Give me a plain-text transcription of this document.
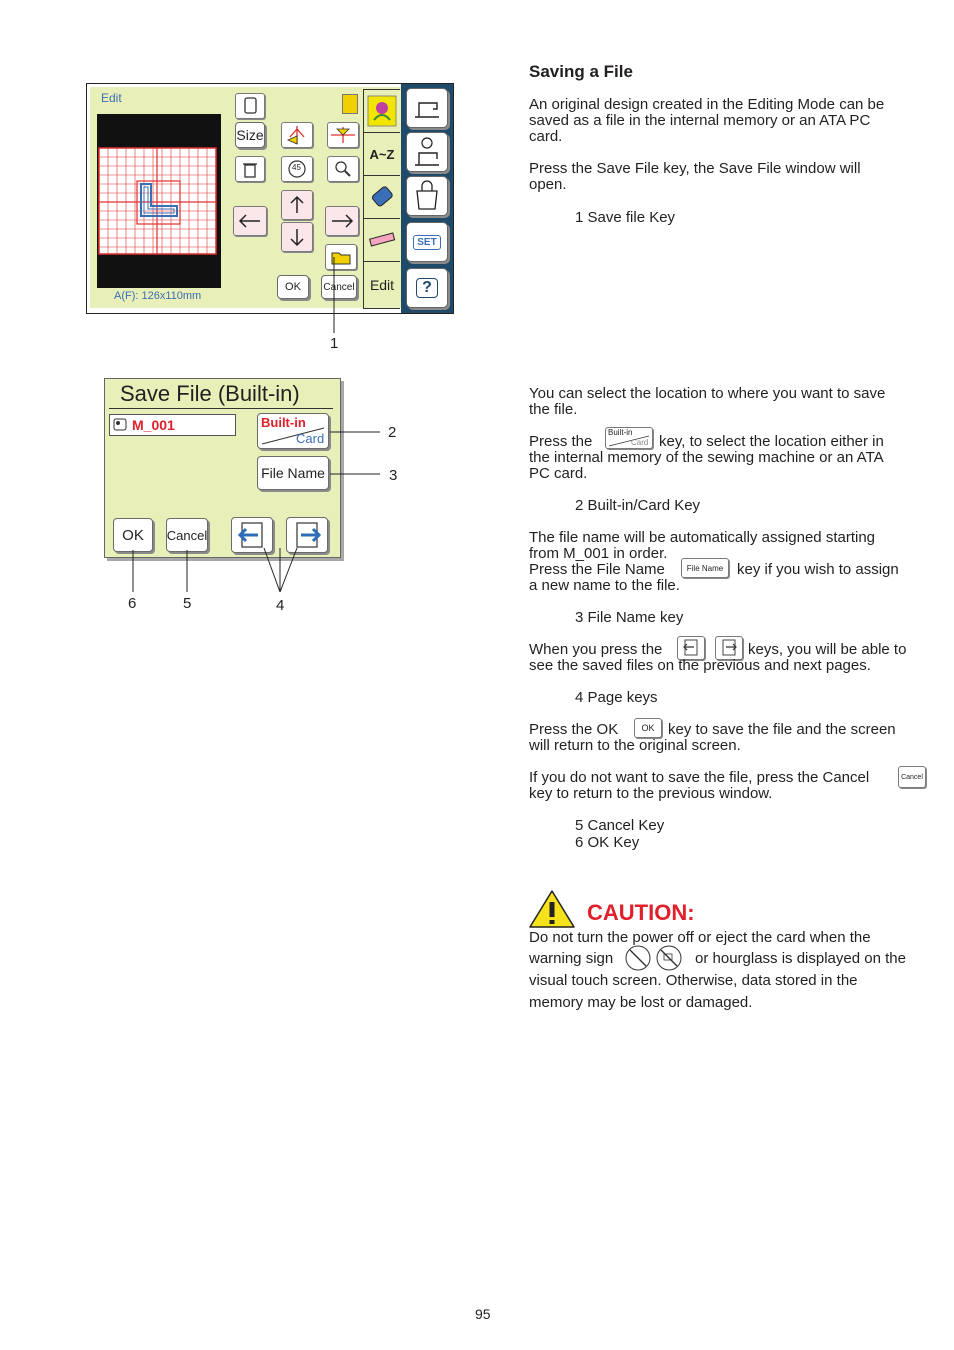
Edit
Size
45
OK Cancel
A(F): 126x110mm
A~Z
Edit
SET
?
1
Save File (Built-in)
M_001	Built-in
Card
File Name
OK Cancel
2
3
6	5	4
Saving a File
An original design created in the Editing Mode can be
saved as a file in the internal memory or an ATA PC
card.
Press the Save File key, the Save File window will
open.
1 Save file Key
You can select the location to where you want to save
the file.
Press the
Built-in
Card key, to select the location either in
the internal memory of the sewing machine or an ATA
PC card.
2 Built-in/Card Key
The file name will be automatically assigned starting
from M_001 in order.
Press the File Name	File Name key if you wish to assign
a new name to the file.
3 File Name key
When you press the	keys, you will be able to
see the saved files on the previous and next pages.
4 Page keys
Press the OK	OK key to save the file and the screen
will return to the original screen.
If you do not want to save the file, press the Cancel	Cancel
key to return to the previous window.
5 Cancel Key
6 OK Key
CAUTION:
Do not turn the power off or eject the card when the
warning sign	or hourglass is displayed on the
visual touch screen. Otherwise, data stored in the
memory may be lost or damaged.
95
